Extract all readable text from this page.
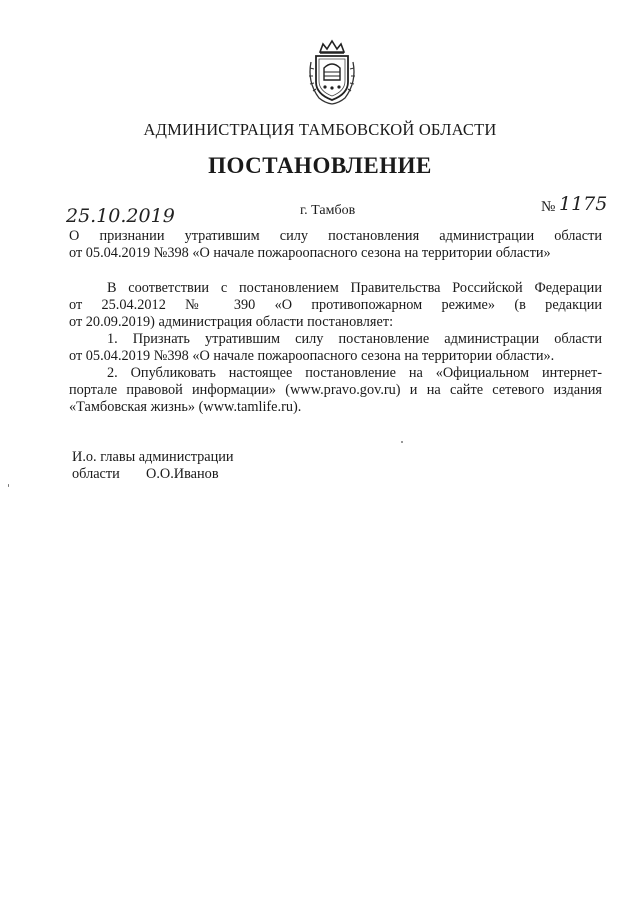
АДМИНИСТРАЦИЯ ТАМБОВСКОЙ ОБЛАСТИ
ПОСТАНОВЛЕНИЕ
25.10.2019	г. Тамбов	№ 1175
О признании утратившим силу постановления администрации области
от 05.04.2019 №398 «О начале пожароопасного сезона на территории области»
В соответствии с постановлением Правительства Российской Федерации
от 25.04.2012 № 390 «О противопожарном режиме» (в редакции
от 20.09.2019) администрация области постановляет:
1. Признать утратившим силу постановление администрации области
от 05.04.2019 №398 «О начале пожароопасного сезона на территории области».
2. Опубликовать настоящее постановление на «Официальном интернет-
портале правовой информации» (www.pravo.gov.ru) и на сайте сетевого издания
«Тамбовская жизнь» (www.tamlife.ru).
И.о. главы администрации
области О.О.Иванов
